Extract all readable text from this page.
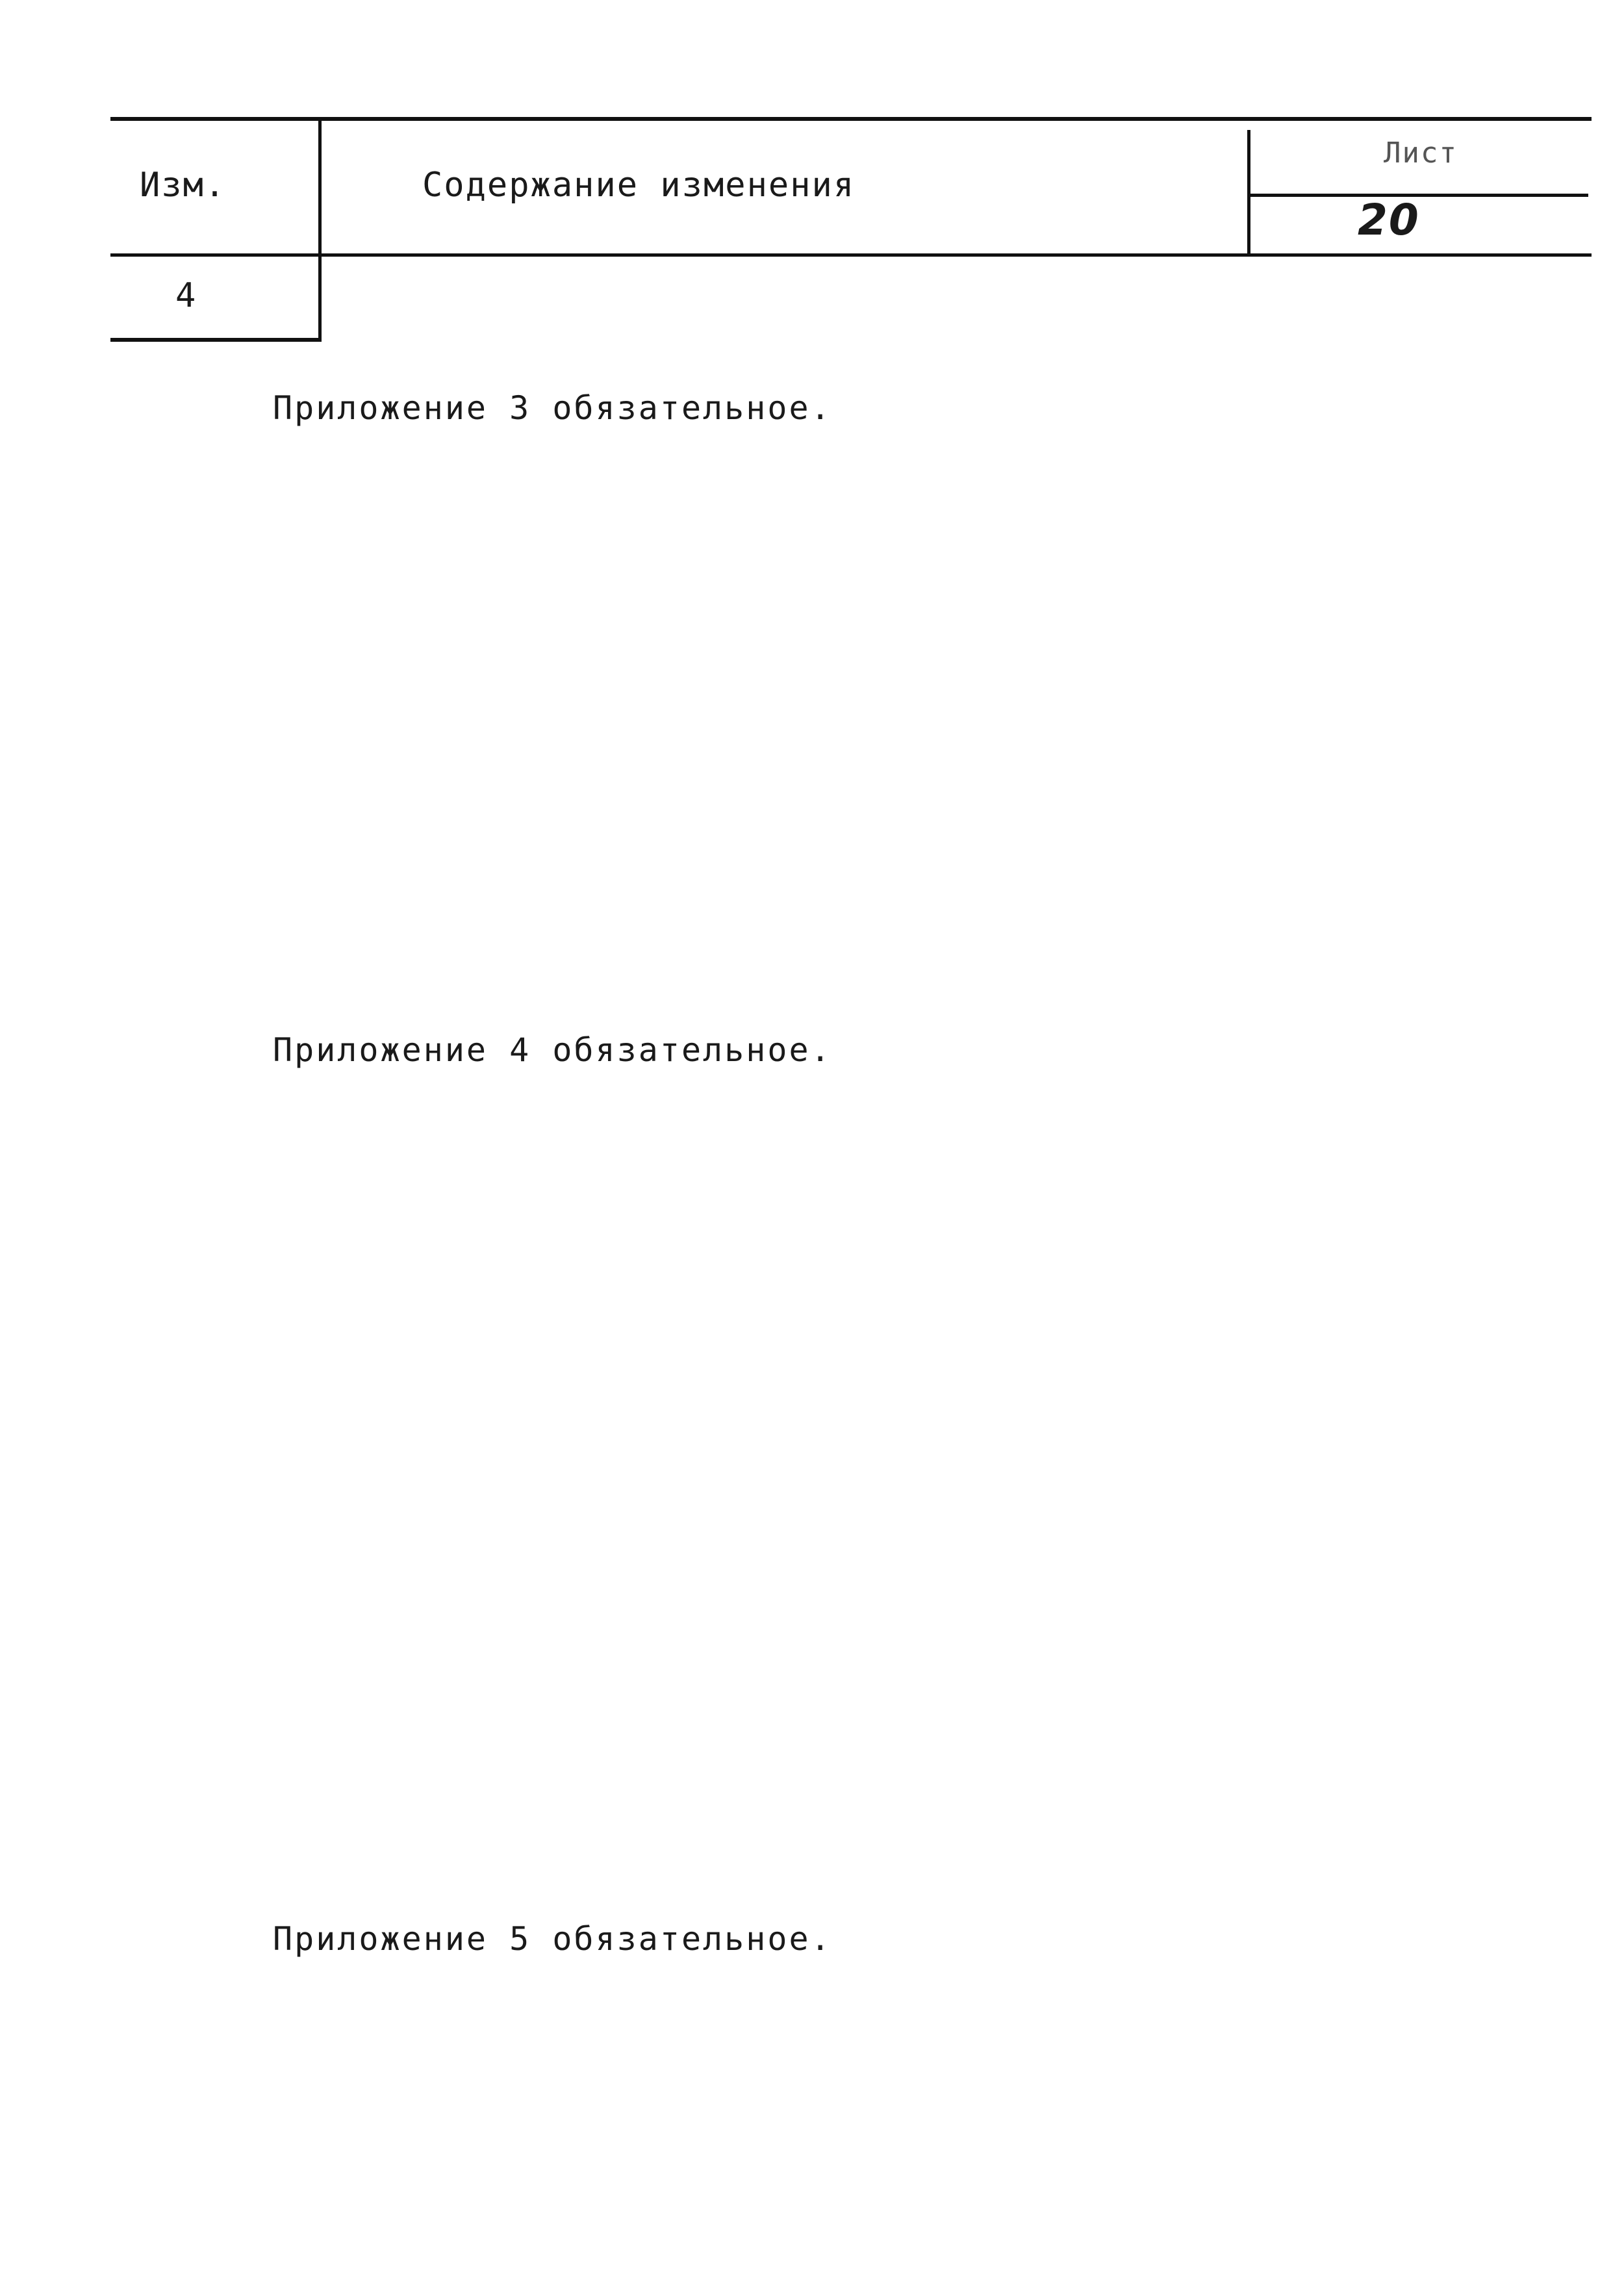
Изм.	Содержание изменения
Лист
20
4
Приложение 3 обязательное.
Приложение 4 обязательное.
Приложение 5 обязательное.
